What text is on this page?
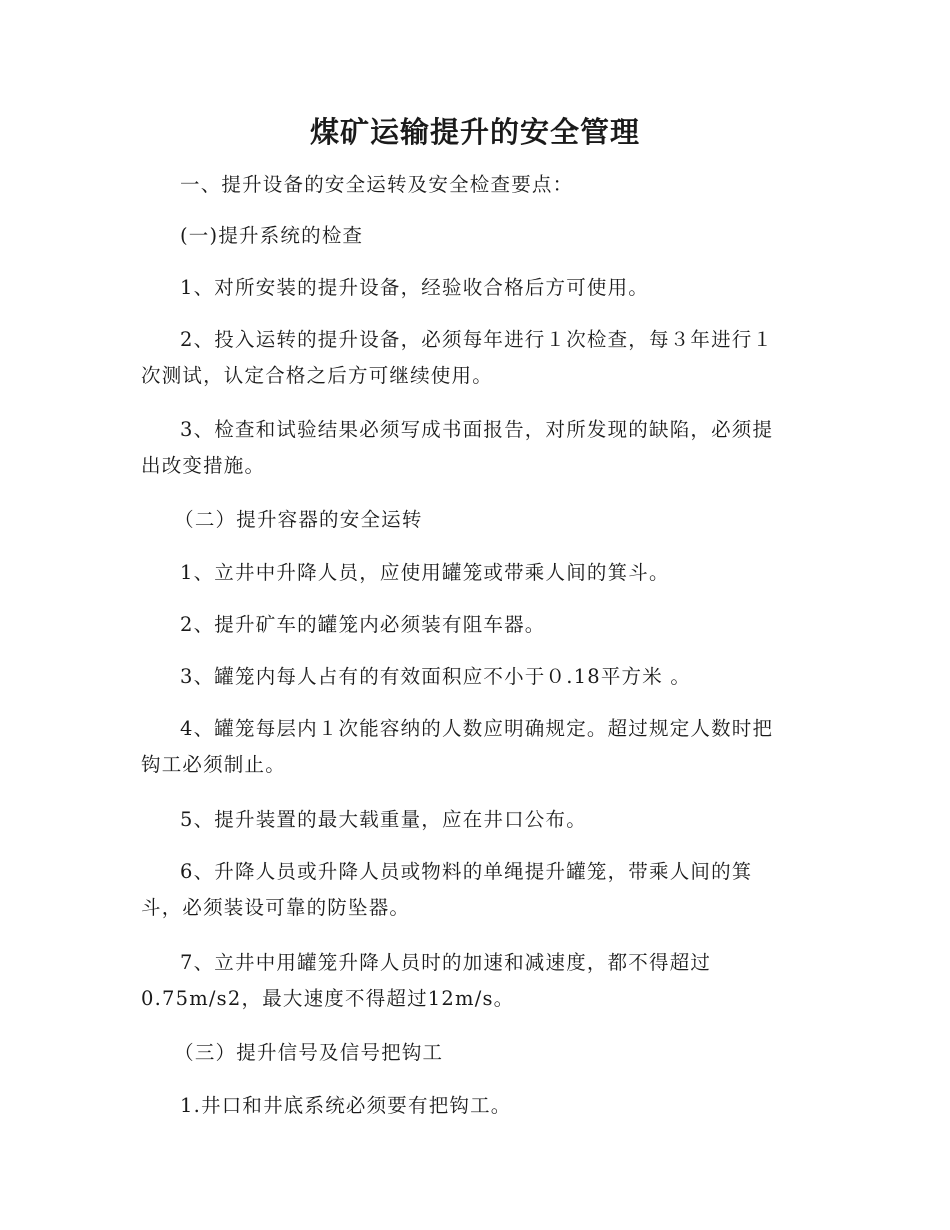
煤矿运输提升的安全管理

一、提升设备的安全运转及安全检查要点：

(一)提升系统的检查

1、对所安装的提升设备，经验收合格后方可使用。

2、投入运转的提升设备，必须每年进行１次检查，每３年进行１
次测试，认定合格之后方可继续使用。

3、检查和试验结果必须写成书面报告，对所发现的缺陷，必须提
出改变措施。

（二）提升容器的安全运转

1、立井中升降人员，应使用罐笼或带乘人间的箕斗。

2、提升矿车的罐笼内必须装有阻车器。

3、罐笼内每人占有的有效面积应不小于０.18平方米 。

4、罐笼每层内１次能容纳的人数应明确规定。超过规定人数时把
钩工必须制止。

5、提升装置的最大载重量，应在井口公布。

6、升降人员或升降人员或物料的单绳提升罐笼，带乘人间的箕
斗，必须装设可靠的防坠器。

7、立井中用罐笼升降人员时的加速和减速度，都不得超过
0.75m/s2，最大速度不得超过12m/s。

（三）提升信号及信号把钩工

1.井口和井底系统必须要有把钩工。
